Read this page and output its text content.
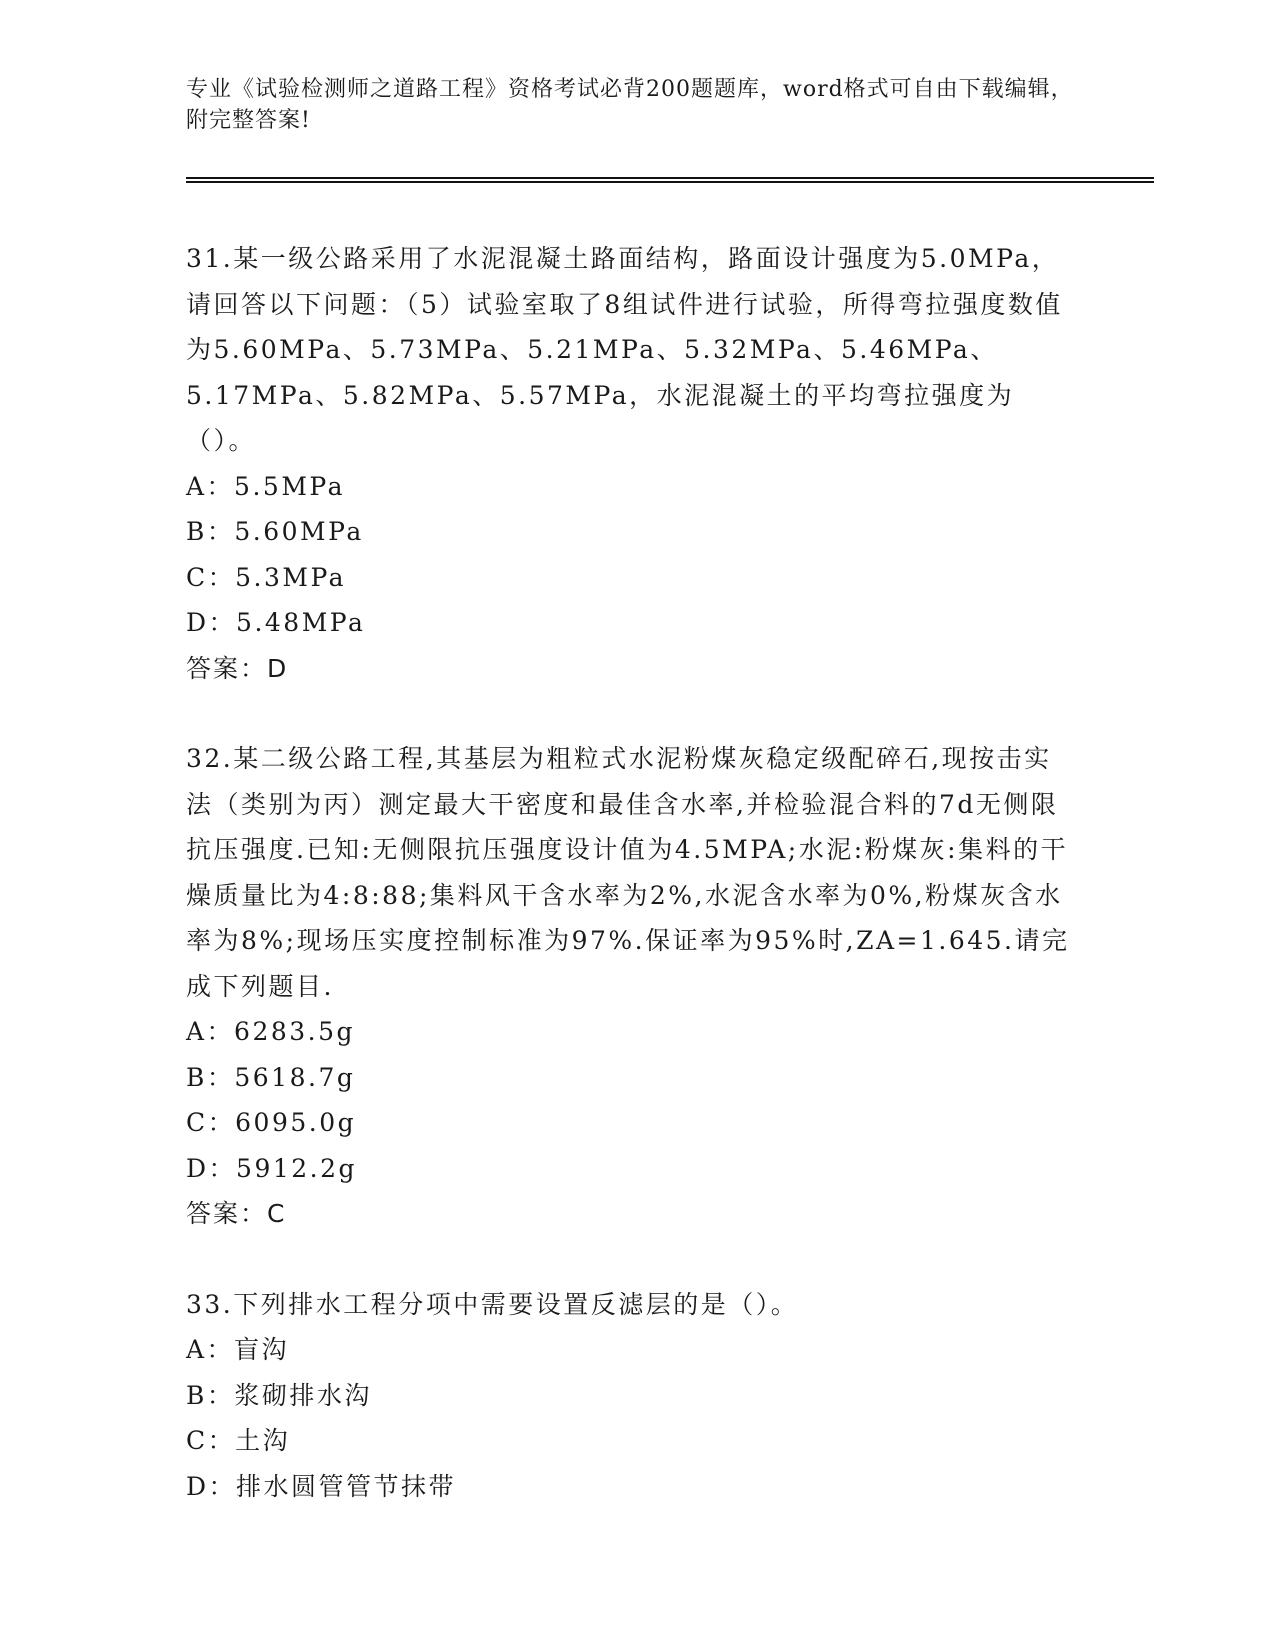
专业《试验检测师之道路工程》资格考试必背200题题库，word格式可自由下载编辑，附完整答案!

31.某一级公路采用了水泥混凝土路面结构，路面设计强度为5.0MPa，请回答以下问题：（5）试验室取了8组试件进行试验，所得弯拉强度数值为5.60MPa、5.73MPa、5.21MPa、5.32MPa、5.46MPa、5.17MPa、5.82MPa、5.57MPa，水泥混凝土的平均弯拉强度为（）。

A：5.5MPa

B：5.60MPa

C：5.3MPa

D：5.48MPa

答案：D

32.某二级公路工程,其基层为粗粒式水泥粉煤灰稳定级配碎石,现按击实法（类别为丙）测定最大干密度和最佳含水率,并检验混合料的7d无侧限抗压强度.已知:无侧限抗压强度设计值为4.5MPA;水泥:粉煤灰:集料的干燥质量比为4:8:88;集料风干含水率为2%,水泥含水率为0%,粉煤灰含水率为8%;现场压实度控制标准为97%.保证率为95%时,ZA=1.645.请完成下列题目.

A：6283.5g

B：5618.7g

C：6095.0g

D：5912.2g

答案：C

33.下列排水工程分项中需要设置反滤层的是（）。

A：盲沟

B：浆砌排水沟

C：土沟

D：排水圆管管节抹带
